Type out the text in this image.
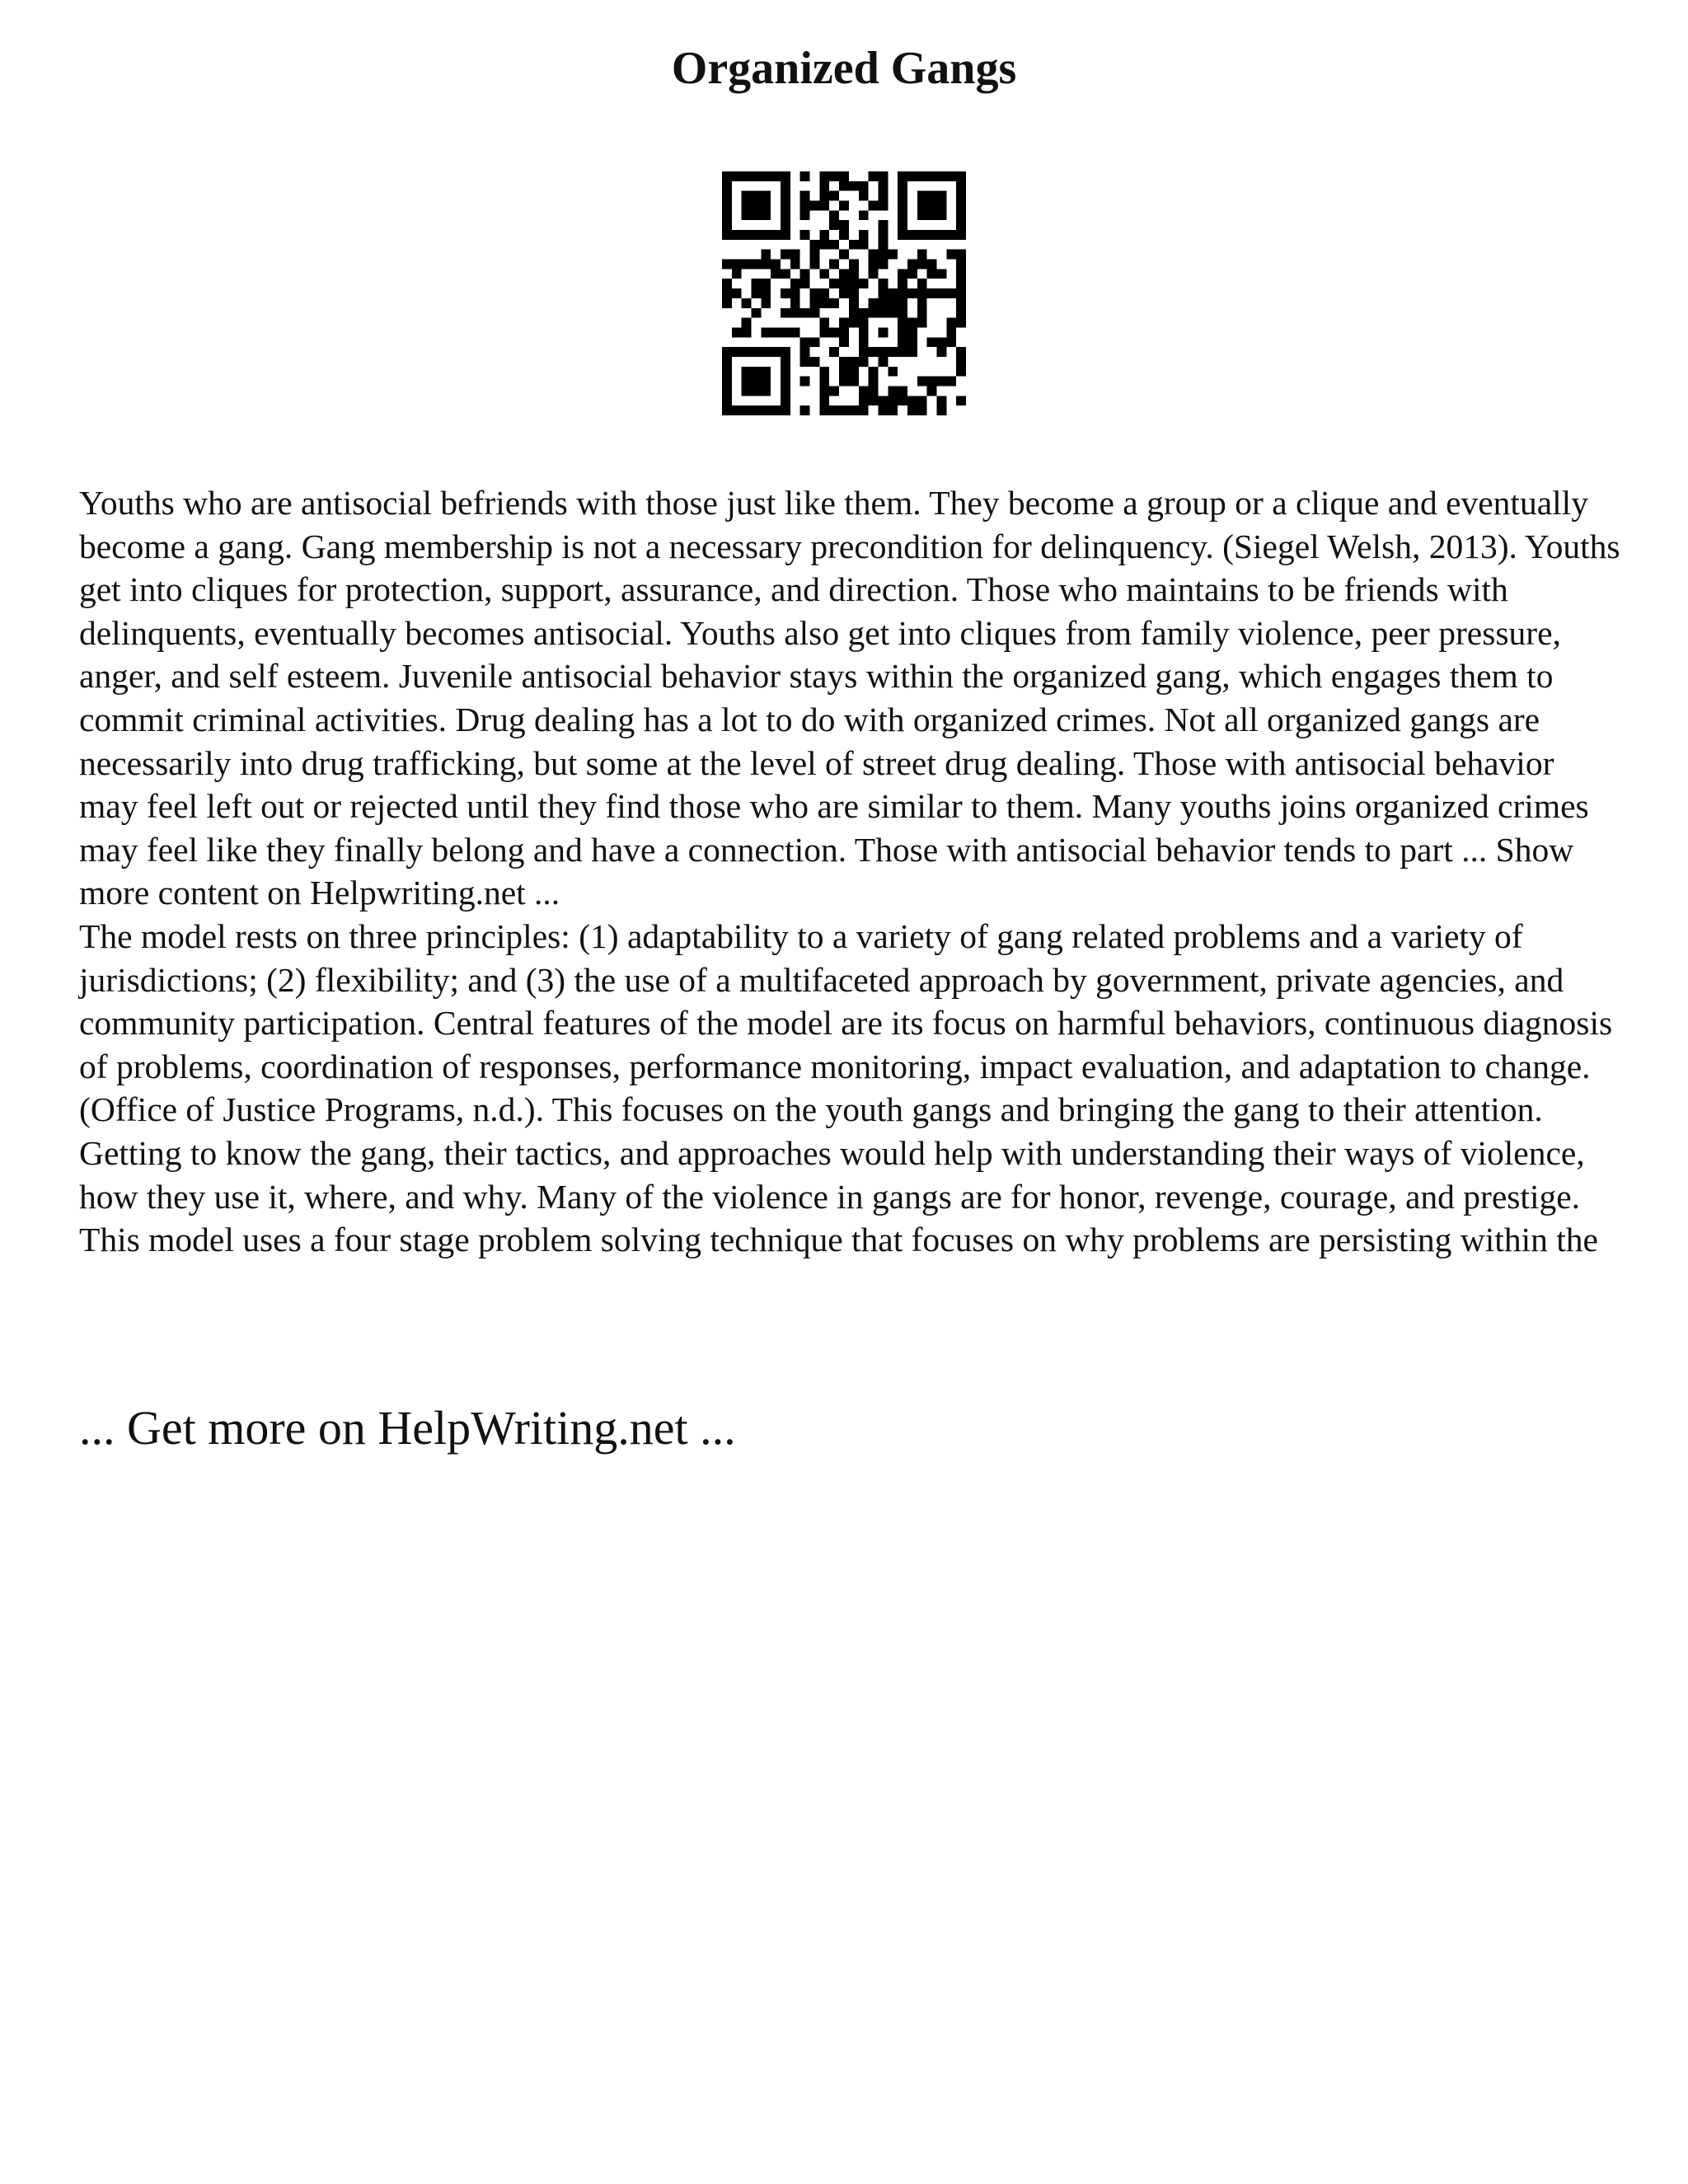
Organized Gangs

Youths who are antisocial befriends with those just like them. They become a group or a clique and eventually become a gang. Gang membership is not a necessary precondition for delinquency. (Siegel Welsh, 2013). Youths get into cliques for protection, support, assurance, and direction. Those who maintains to be friends with delinquents, eventually becomes antisocial. Youths also get into cliques from family violence, peer pressure, anger, and self esteem. Juvenile antisocial behavior stays within the organized gang, which engages them to commit criminal activities. Drug dealing has a lot to do with organized crimes. Not all organized gangs are necessarily into drug trafficking, but some at the level of street drug dealing. Those with antisocial behavior may feel left out or rejected until they find those who are similar to them. Many youths joins organized crimes may feel like they finally belong and have a connection. Those with antisocial behavior tends to part ... Show more content on Helpwriting.net ...

The model rests on three principles: (1) adaptability to a variety of gang related problems and a variety of jurisdictions; (2) flexibility; and (3) the use of a multifaceted approach by government, private agencies, and community participation. Central features of the model are its focus on harmful behaviors, continuous diagnosis of problems, coordination of responses, performance monitoring, impact evaluation, and adaptation to change. (Office of Justice Programs, n.d.). This focuses on the youth gangs and bringing the gang to their attention. Getting to know the gang, their tactics, and approaches would help with understanding their ways of violence, how they use it, where, and why. Many of the violence in gangs are for honor, revenge, courage, and prestige. This model uses a four stage problem solving technique that focuses on why problems are persisting within the

... Get more on HelpWriting.net ...
